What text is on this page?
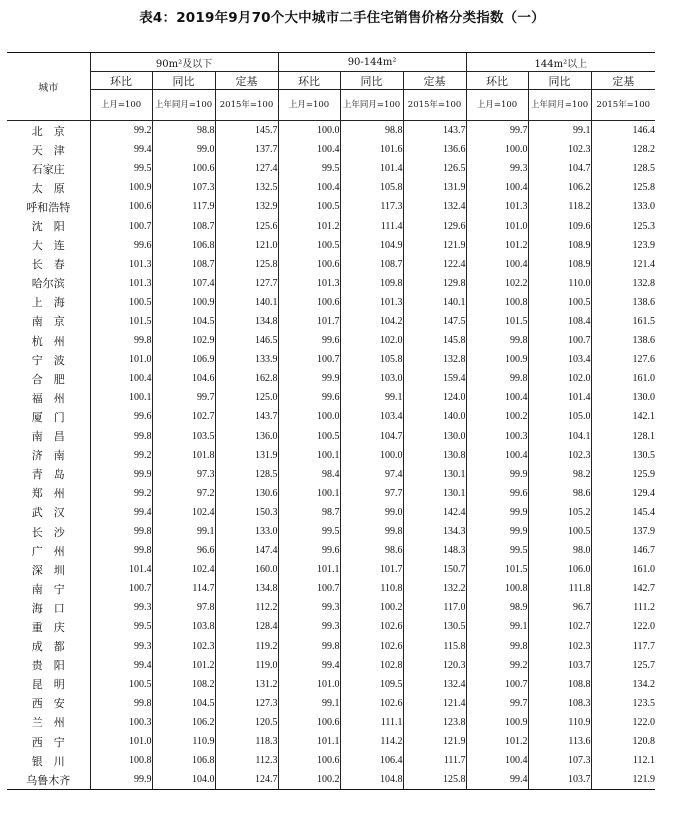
表4：2019年9月70个大中城市二手住宅销售价格分类指数（一）
城市	90m²及以下			90-144m²			144m²以上		
	环比	同比	定基	环比	同比	定基	环比	同比	定基
	上月=100	上年同月=100	2015年=100	上月=100	上年同月=100	2015年=100	上月=100	上年同月=100	2015年=100
北　京	99.2	98.8	145.7	100.0	98.8	143.7	99.7	99.1	146.4
天　津	99.4	99.0	137.7	100.4	101.6	136.6	100.0	102.3	128.2
石家庄	99.5	100.6	127.4	99.5	101.4	126.5	99.3	104.7	128.5
太　原	100.9	107.3	132.5	100.4	105.8	131.9	100.4	106.2	125.8
呼和浩特	100.6	117.9	132.9	100.5	117.3	132.4	101.3	118.2	133.0
沈　阳	100.7	108.7	125.6	101.2	111.4	129.6	101.0	109.6	125.3
大　连	99.6	106.8	121.0	100.5	104.9	121.9	101.2	108.9	123.9
长　春	101.3	108.7	125.8	100.6	108.7	122.4	100.4	108.9	121.4
哈尔滨	101.3	107.4	127.7	101.3	109.8	129.8	102.2	110.0	132.8
上　海	100.5	100.9	140.1	100.6	101.3	140.1	100.8	100.5	138.6
南　京	101.5	104.5	134.8	101.7	104.2	147.5	101.5	108.4	161.5
杭　州	99.8	102.9	146.5	99.6	102.0	145.8	99.8	100.7	138.6
宁　波	101.0	106.9	133.9	100.7	105.8	132.8	100.9	103.4	127.6
合　肥	100.4	104.6	162.8	99.9	103.0	159.4	99.8	102.0	161.0
福　州	100.1	99.7	125.0	99.6	99.1	124.0	100.4	101.4	130.0
厦　门	99.6	102.7	143.7	100.0	103.4	140.0	100.2	105.0	142.1
南　昌	99.8	103.5	136.0	100.5	104.7	130.0	100.3	104.1	128.1
济　南	99.2	101.8	131.9	100.1	100.0	130.8	100.4	102.3	130.5
青　岛	99.9	97.3	128.5	98.4	97.4	130.1	99.9	98.2	125.9
郑　州	99.2	97.2	130.6	100.1	97.7	130.1	99.6	98.6	129.4
武　汉	99.4	102.4	150.3	98.7	99.0	142.4	99.9	105.2	145.4
长　沙	99.8	99.1	133.0	99.5	99.8	134.3	99.9	100.5	137.9
广　州	99.8	96.6	147.4	99.6	98.6	148.3	99.5	98.0	146.7
深　圳	101.4	102.4	160.0	101.1	101.7	150.7	101.5	106.0	161.0
南　宁	100.7	114.7	134.8	100.7	110.8	132.2	100.8	111.8	142.7
海　口	99.3	97.8	112.2	99.3	100.2	117.0	98.9	96.7	111.2
重　庆	99.5	103.8	128.4	99.3	102.6	130.5	99.1	102.7	122.0
成　都	99.3	102.3	119.2	99.8	102.6	115.8	99.8	102.3	117.7
贵　阳	99.4	101.2	119.0	99.4	102.8	120.3	99.2	103.7	125.7
昆　明	100.5	108.2	131.2	101.0	109.5	132.4	100.7	108.8	134.2
西　安	99.8	104.5	127.3	99.1	102.6	121.4	99.7	108.3	123.5
兰　州	100.3	106.2	120.5	100.6	111.1	123.8	100.9	110.9	122.0
西　宁	101.0	110.9	118.3	101.1	114.2	121.9	101.2	113.6	120.8
银　川	100.8	106.8	112.3	100.6	106.4	111.7	100.4	107.3	112.1
乌鲁木齐	99.9	104.0	124.7	100.2	104.8	125.8	99.4	103.7	121.9
